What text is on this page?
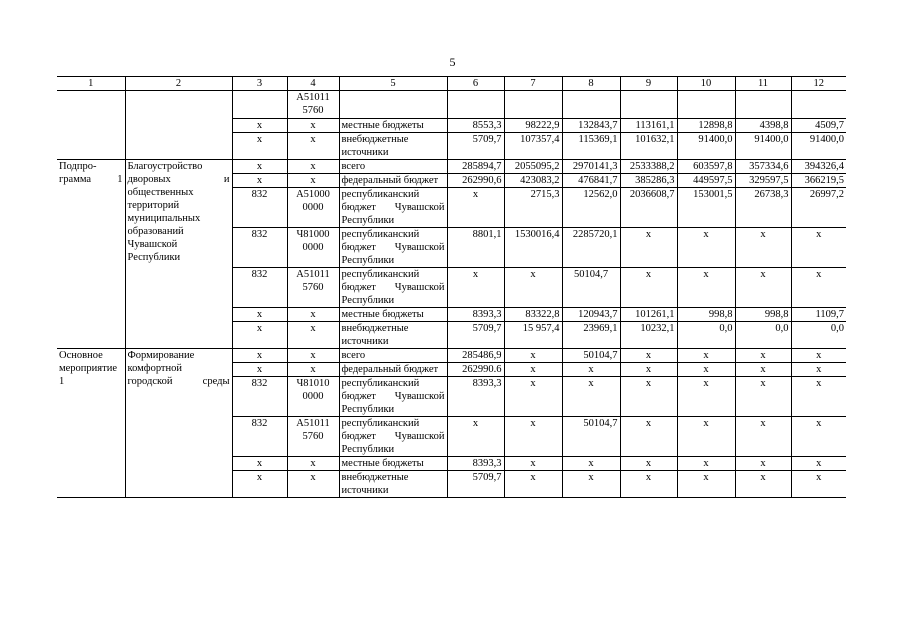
5
1	2	3	4	5	6	7	8	9	10	11	12
			А51011 5760								
		х	х	местные бюджеты	8553,3	98222,9	132843,7	113161,1	12898,8	4398,8	4509,7
		х	х	внебюджетные источники	5709,7	107357,4	115369,1	101632,1	91400,0	91400,0	91400,0
Подпро-грамма 1	Благоустройство дворовых и общественных территорий муниципальных образований Чувашской Республики	х	х	всего	285894,7	2055095,2	2970141,3	2533388,2	603597,8	357334,6	394326,4
		х	х	федеральный бюджет	262990,6	423083,2	476841,7	385286,3	449597,5	329597,5	366219,5
		832	А51000 0000	республиканский бюджет Чувашской Республики	х	2715,3	12562,0	2036608,7	153001,5	26738,3	26997,2
		832	Ч81000 0000	республиканский бюджет Чувашской Республики	8801,1	1530016,4	2285720,1	х	х	х	х
		832	А51011 5760	республиканский бюджет Чувашской Республики	х	х	50104,7	х	х	х	х
		х	х	местные бюджеты	8393,3	83322,8	120943,7	101261,1	998,8	998,8	1109,7
		х	х	внебюджетные источники	5709,7	15 957,4	23969,1	10232,1	0,0	0,0	0,0
Основное мероприятие 1	Формирование комфортной городской среды	х	х	всего	285486,9	х	50104,7	х	х	х	х
		х	х	федеральный бюджет	262990.6	х	х	х	х	х	х
		832	Ч81010 0000	республиканский бюджет Чувашской Республики	8393,3	х	х	х	х	х	х
		832	А51011 5760	республиканский бюджет Чувашской Республики	х	х	50104,7	х	х	х	х
		х	х	местные бюджеты	8393,3	х	х	х	х	х	х
		х	х	внебюджетные источники	5709,7	х	х	х	х	х	х
